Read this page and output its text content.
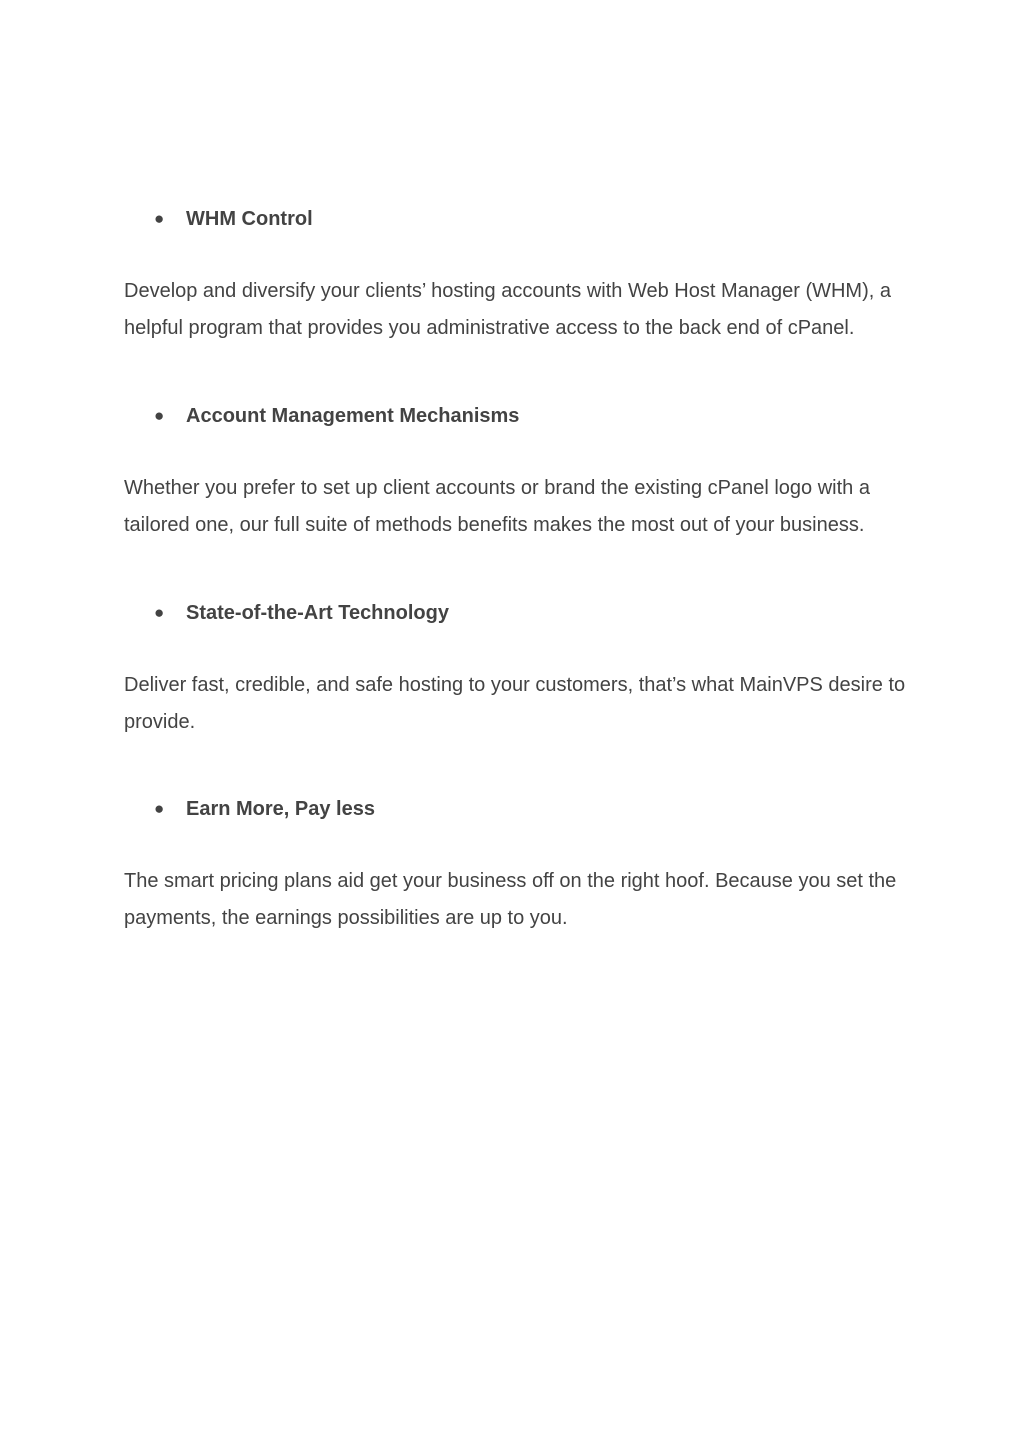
● WHM Control

Develop and diversify your clients’ hosting accounts with Web Host Manager (WHM), a helpful program that provides you administrative access to the back end of cPanel.

● Account Management Mechanisms

Whether you prefer to set up client accounts or brand the existing cPanel logo with a tailored one, our full suite of methods benefits makes the most out of your business.

● State-of-the-Art Technology

Deliver fast, credible, and safe hosting to your customers, that’s what MainVPS desire to provide.

● Earn More, Pay less

The smart pricing plans aid get your business off on the right hoof. Because you set the payments, the earnings possibilities are up to you.
